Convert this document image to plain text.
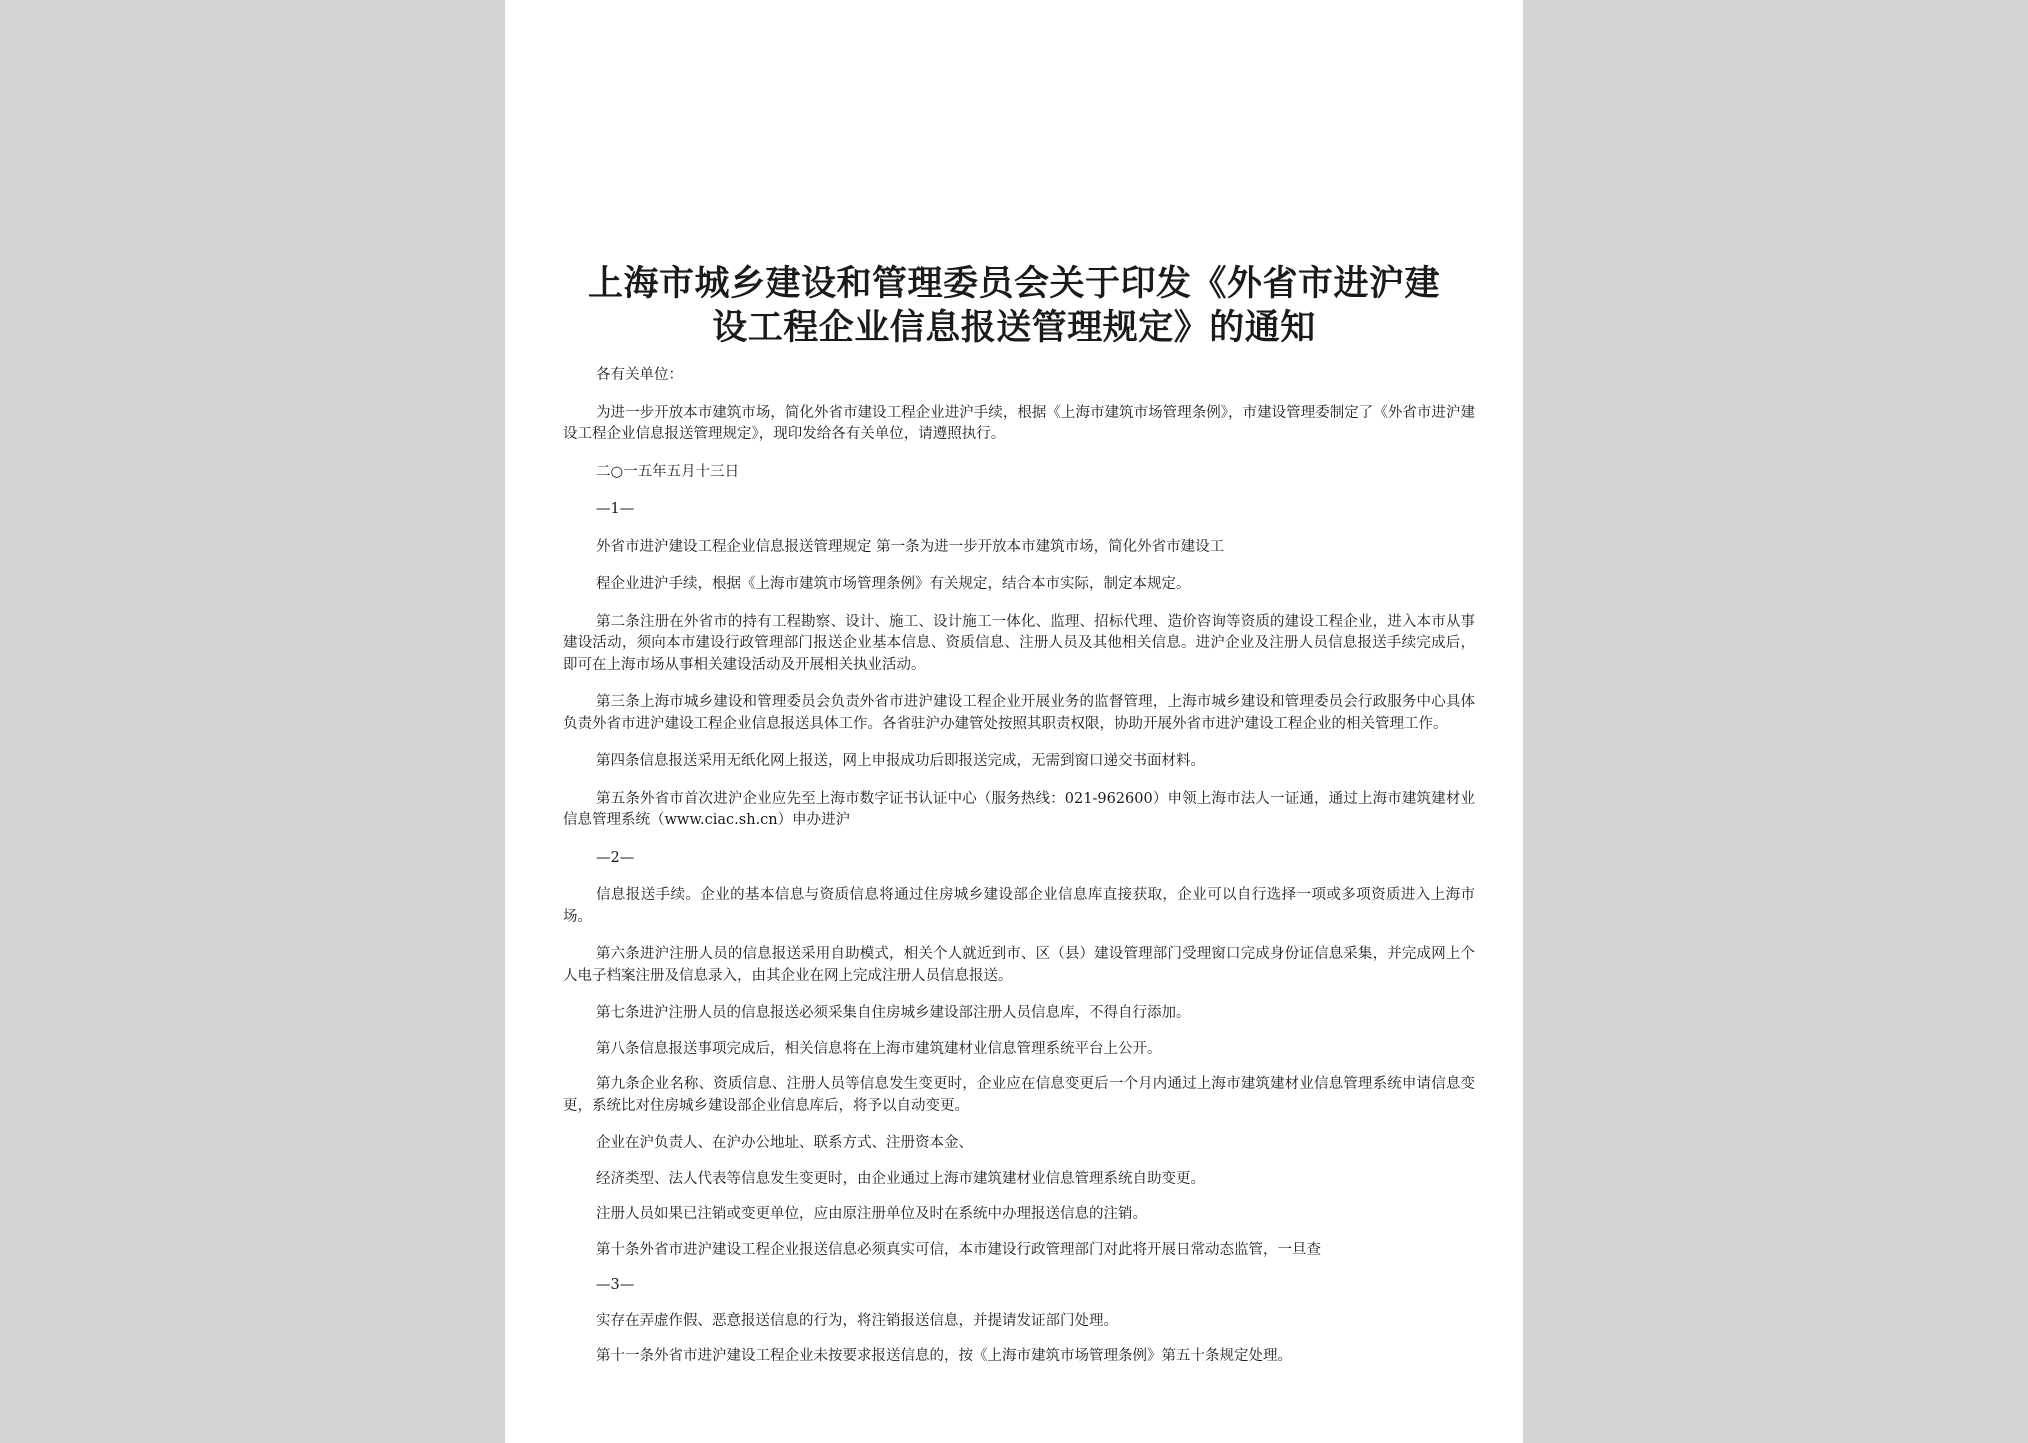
上海市城乡建设和管理委员会关于印发《外省市进沪建
设工程企业信息报送管理规定》的通知

各有关单位：

为进一步开放本市建筑市场，简化外省市建设工程企业进沪手续，根据《上海市建筑市场管理条例》，市建设管理委制定了《外省市进沪建设工程企业信息报送管理规定》，现印发给各有关单位，请遵照执行。

二○一五年五月十三日

—1—

外省市进沪建设工程企业信息报送管理规定 第一条为进一步开放本市建筑市场，简化外省市建设工

程企业进沪手续，根据《上海市建筑市场管理条例》有关规定，结合本市实际，制定本规定。

第二条注册在外省市的持有工程勘察、设计、施工、设计施工一体化、监理、招标代理、造价咨询等资质的建设工程企业，进入本市从事建设活动，须向本市建设行政管理部门报送企业基本信息、资质信息、注册人员及其他相关信息。进沪企业及注册人员信息报送手续完成后，即可在上海市场从事相关建设活动及开展相关执业活动。

第三条上海市城乡建设和管理委员会负责外省市进沪建设工程企业开展业务的监督管理，上海市城乡建设和管理委员会行政服务中心具体负责外省市进沪建设工程企业信息报送具体工作。各省驻沪办建管处按照其职责权限，协助开展外省市进沪建设工程企业的相关管理工作。

第四条信息报送采用无纸化网上报送，网上申报成功后即报送完成，无需到窗口递交书面材料。

第五条外省市首次进沪企业应先至上海市数字证书认证中心（服务热线：021-962600）申领上海市法人一证通，通过上海市建筑建材业信息管理系统（www.ciac.sh.cn）申办进沪

—2—

信息报送手续。企业的基本信息与资质信息将通过住房城乡建设部企业信息库直接获取，企业可以自行选择一项或多项资质进入上海市场。

第六条进沪注册人员的信息报送采用自助模式，相关个人就近到市、区（县）建设管理部门受理窗口完成身份证信息采集，并完成网上个人电子档案注册及信息录入，由其企业在网上完成注册人员信息报送。

第七条进沪注册人员的信息报送必须采集自住房城乡建设部注册人员信息库，不得自行添加。

第八条信息报送事项完成后，相关信息将在上海市建筑建材业信息管理系统平台上公开。

第九条企业名称、资质信息、注册人员等信息发生变更时，企业应在信息变更后一个月内通过上海市建筑建材业信息管理系统申请信息变更，系统比对住房城乡建设部企业信息库后，将予以自动变更。

企业在沪负责人、在沪办公地址、联系方式、注册资本金、

经济类型、法人代表等信息发生变更时，由企业通过上海市建筑建材业信息管理系统自助变更。

注册人员如果已注销或变更单位，应由原注册单位及时在系统中办理报送信息的注销。

第十条外省市进沪建设工程企业报送信息必须真实可信，本市建设行政管理部门对此将开展日常动态监管，一旦查

—3—

实存在弄虚作假、恶意报送信息的行为，将注销报送信息，并提请发证部门处理。

第十一条外省市进沪建设工程企业未按要求报送信息的，按《上海市建筑市场管理条例》第五十条规定处理。
